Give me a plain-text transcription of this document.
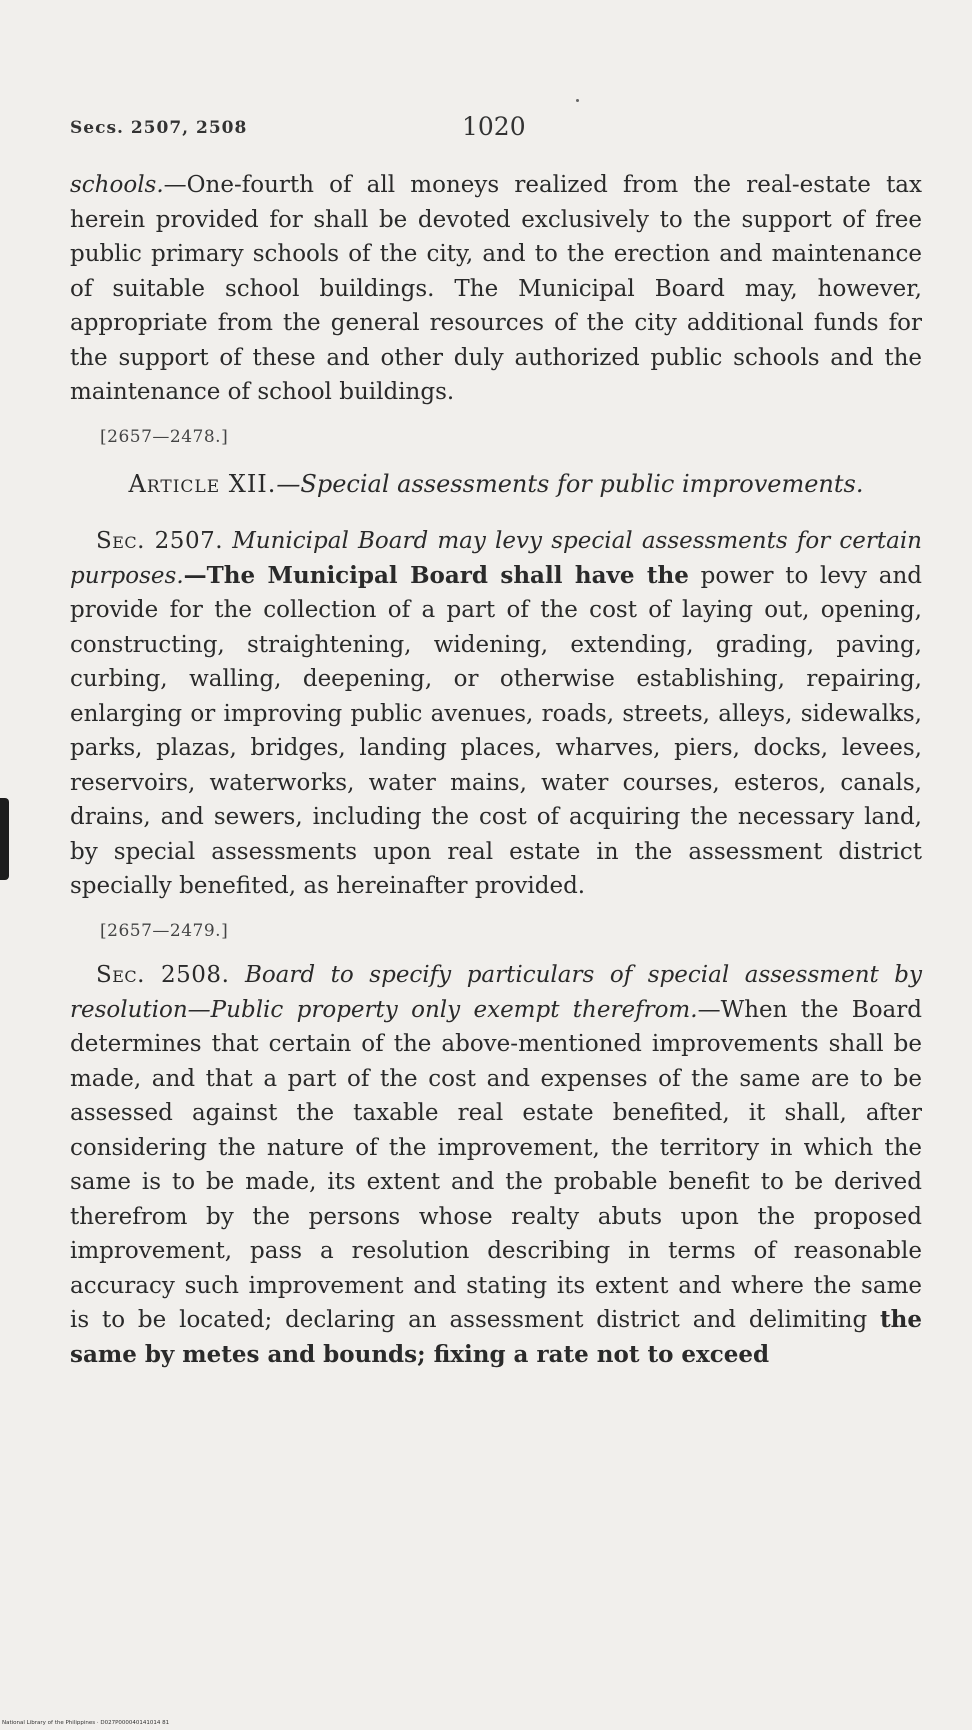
Secs. 2507, 2508	1020

schools.—One-fourth of all moneys realized from the real-estate tax herein provided for shall be devoted exclusively to the support of free public primary schools of the city, and to the erection and maintenance of suitable school buildings. The Municipal Board may, however, appropriate from the general resources of the city additional funds for the support of these and other duly authorized public schools and the maintenance of school buildings.

[2657—2478.]
Article XII.—Special assessments for public improvements.

Sec. 2507. Municipal Board may levy special assessments for certain purposes.—The Municipal Board shall have the power to levy and provide for the collection of a part of the cost of laying out, opening, constructing, straightening, widening, extending, grading, paving, curbing, walling, deepening, or otherwise establishing, repairing, enlarging or improving public avenues, roads, streets, alleys, sidewalks, parks, plazas, bridges, landing places, wharves, piers, docks, levees, reservoirs, waterworks, water mains, water courses, esteros, canals, drains, and sewers, including the cost of acquiring the necessary land, by special assessments upon real estate in the assessment district specially benefited, as hereinafter provided.

[2657—2479.]

Sec. 2508. Board to specify particulars of special assessment by resolution—Public property only exempt therefrom.—When the Board determines that certain of the above-mentioned improvements shall be made, and that a part of the cost and expenses of the same are to be assessed against the taxable real estate benefited, it shall, after considering the nature of the improvement, the territory in which the same is to be made, its extent and the probable benefit to be derived therefrom by the persons whose realty abuts upon the proposed improvement, pass a resolution describing in terms of reasonable accuracy such improvement and stating its extent and where the same is to be located; declaring an assessment district and delimiting the same by metes and bounds; fixing a rate not to exceed

National Library of the Philippines · D027P000040141014 81
